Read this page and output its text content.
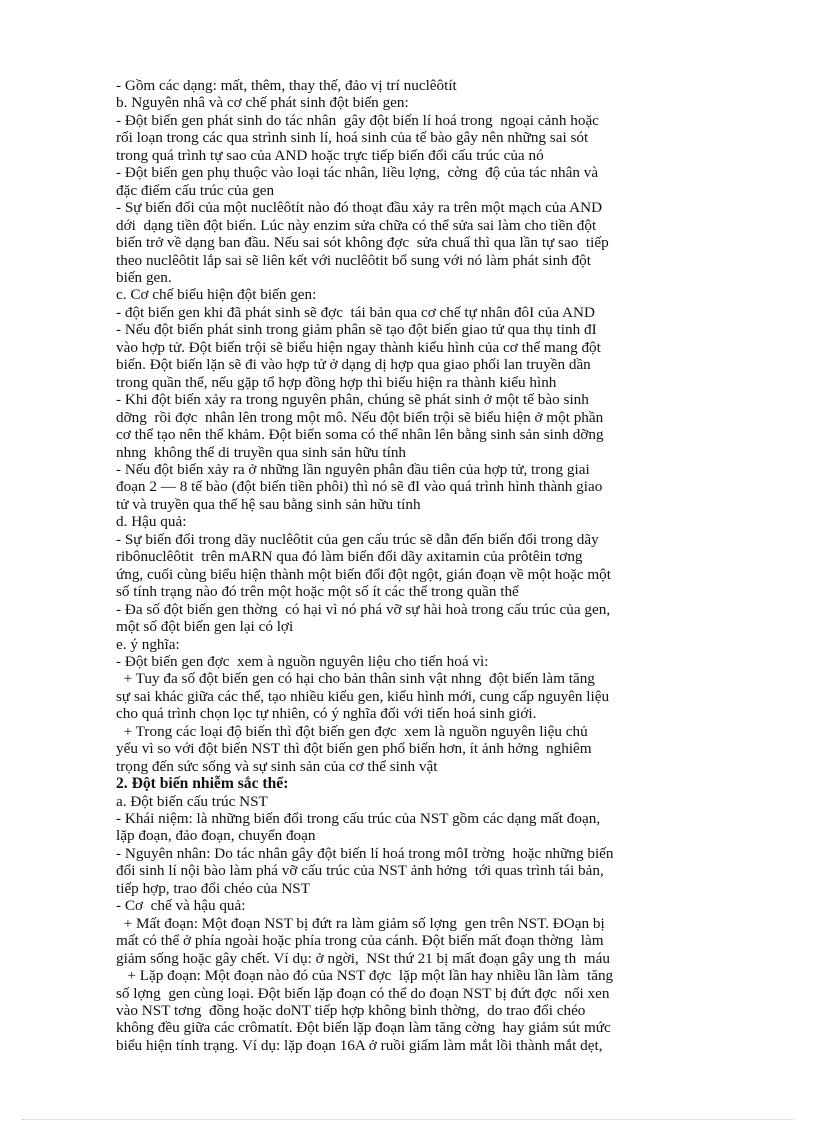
- Gồm các dạng: mất, thêm, thay thế, đảo vị trí nuclêôtít
b. Nguyên nhâ và cơ chế phát sinh đột biến gen:
- Đột biến gen phát sinh do tác nhân  gây đột biến lí hoá trong  ngoại cảnh hoặc
rối loạn trong các qua strình sinh lí, hoá sinh của tế bào gây nên những sai sót
trong quá trình tự sao của AND hoặc trực tiếp biến đổi cấu trúc của nó
- Đột biến gen phụ thuộc vào loại tác nhân, liều lợng,  cờng  độ của tác nhân và
đặc điểm cấu trúc của gen
- Sự biến đổi của một nuclêôtít nào đó thoạt đầu xảy ra trên một mạch của AND
dới  dạng tiền đột biến. Lúc này enzim sửa chữa có thể sửa sai làm cho tiền đột
biến trở về dạng ban đầu. Nếu sai sót không đợc  sửa chuẩ thì qua lần tự sao  tiếp
theo nuclêôtit lắp sai sẽ liên kết với nuclêôtit bổ sung với nó làm phát sinh đột
biến gen.
c. Cơ chế biểu hiện đột biến gen:
- đột biến gen khi đã phát sinh sẽ đợc  tái bản qua cơ chế tự nhân đôI của AND
- Nếu đột biến phát sinh trong giảm phân sẽ tạo đột biến giao tử qua thụ tinh đI
vào hợp tử. Đột biến trội sẽ biểu hiện ngay thành kiểu hình của cơ thể mang đột
biến. Đột biến lặn sẽ đi vào hợp tử ở dạng dị hợp qua giao phối lan truyền dần
trong quần thể, nếu gặp tổ hợp đồng hợp thì biểu hiện ra thành kiểu hình
- Khi đột biến xảy ra trong nguyên phân, chúng sẽ phát sinh ở một tế bào sinh
dỡng  rồi đợc  nhân lên trong một mô. Nếu đột biến trội sẽ biểu hiện ở một phần
cơ thể tạo nên thể khảm. Đột biến soma có thể nhân lên bằng sinh sản sinh dỡng
nhng  không thể di truyền qua sinh sản hữu tính
- Nếu đột biến xảy ra ở những lần nguyên phân đầu tiên của hợp tử, trong giai
đoạn 2 — 8 tế bào (đột biến tiền phôi) thì nó sẽ đI vào quá trình hình thành giao
tử và truyền qua thế hệ sau bằng sinh sản hữu tính
d. Hậu quả:
- Sự biến đổi trong dãy nuclêôtit của gen cấu trúc sẽ dẫn đến biến đổi trong dãy
ribônuclêôtit  trên mARN qua đó làm biến đổi dãy axitamin của prôtêin tơng
ứng, cuối cùng biểu hiện thành một biến đổi đột ngột, gián đoạn về một hoặc một
số tính trạng nào đó trên một hoặc một số ít các thể trong quần thể
- Đa số đột biến gen thờng  có hại vì nó phá vỡ sự hài hoà trong cấu trúc của gen,
một số đột biến gen lại có lợi
e. ý nghĩa:
- Đột biến gen đợc  xem à nguồn nguyên liệu cho tiến hoá vì:
+ Tuy đa số đột biến gen có hại cho bản thân sinh vật nhng  đột biến làm tăng
sự sai khác giữa các thể, tạo nhiều kiểu gen, kiểu hình mới, cung cấp nguyên liệu
cho quá trình chọn lọc tự nhiên, có ý nghĩa đối với tiến hoá sinh giới.
+ Trong các loại độ biến thì đột biến gen đợc  xem là nguồn nguyên liệu chủ
yếu vì so với đột biến NST thì đột biến gen phổ biến hơn, ít ảnh hởng  nghiêm
trọng đến sức sống và sự sinh sản của cơ thể sinh vật
2. Đột biến nhiễm sắc thể:
a. Đột biến cấu trúc NST
- Khái niệm: là những biến đổi trong cấu trúc của NST gồm các dạng mất đoạn,
lặp đoạn, đảo đoạn, chuyển đoạn
- Nguyên nhân: Do tác nhân gây đột biến lí hoá trong môI trờng  hoặc những biến
đổi sinh lí nội bào làm phá vỡ cấu trúc của NST ảnh hởng  tới quas trình tái bản,
tiếp hợp, trao đổi chéo của NST
- Cơ  chế và hậu quả:
+ Mất đoạn: Một đoạn NST bị đứt ra làm giảm số lợng  gen trên NST. ĐOạn bị
mất có thể ở phía ngoài hoặc phía trong của cánh. Đột biến mất đoạn thờng  làm
giảm sống hoặc gây chết. Ví dụ: ở ngời,  NSt thứ 21 bị mất đoạn gây ung th  máu
+ Lặp đoạn: Một đoạn nào đó của NST đợc  lặp một lần hay nhiều lần làm  tăng
số lợng  gen cùng loại. Đột biến lặp đoạn có thể do đoạn NST bị đứt đợc  nối xen
vào NST tơng  đồng hoặc doNT tiếp hợp không bình thờng,  do trao đổi chéo
không đều giữa các crômatít. Đột biến lặp đoạn làm tăng cờng  hay giảm sút mức
biểu hiện tính trạng. Ví dụ: lặp đoạn 16A ở ruồi giấm làm mắt lồi thành mắt dẹt,
